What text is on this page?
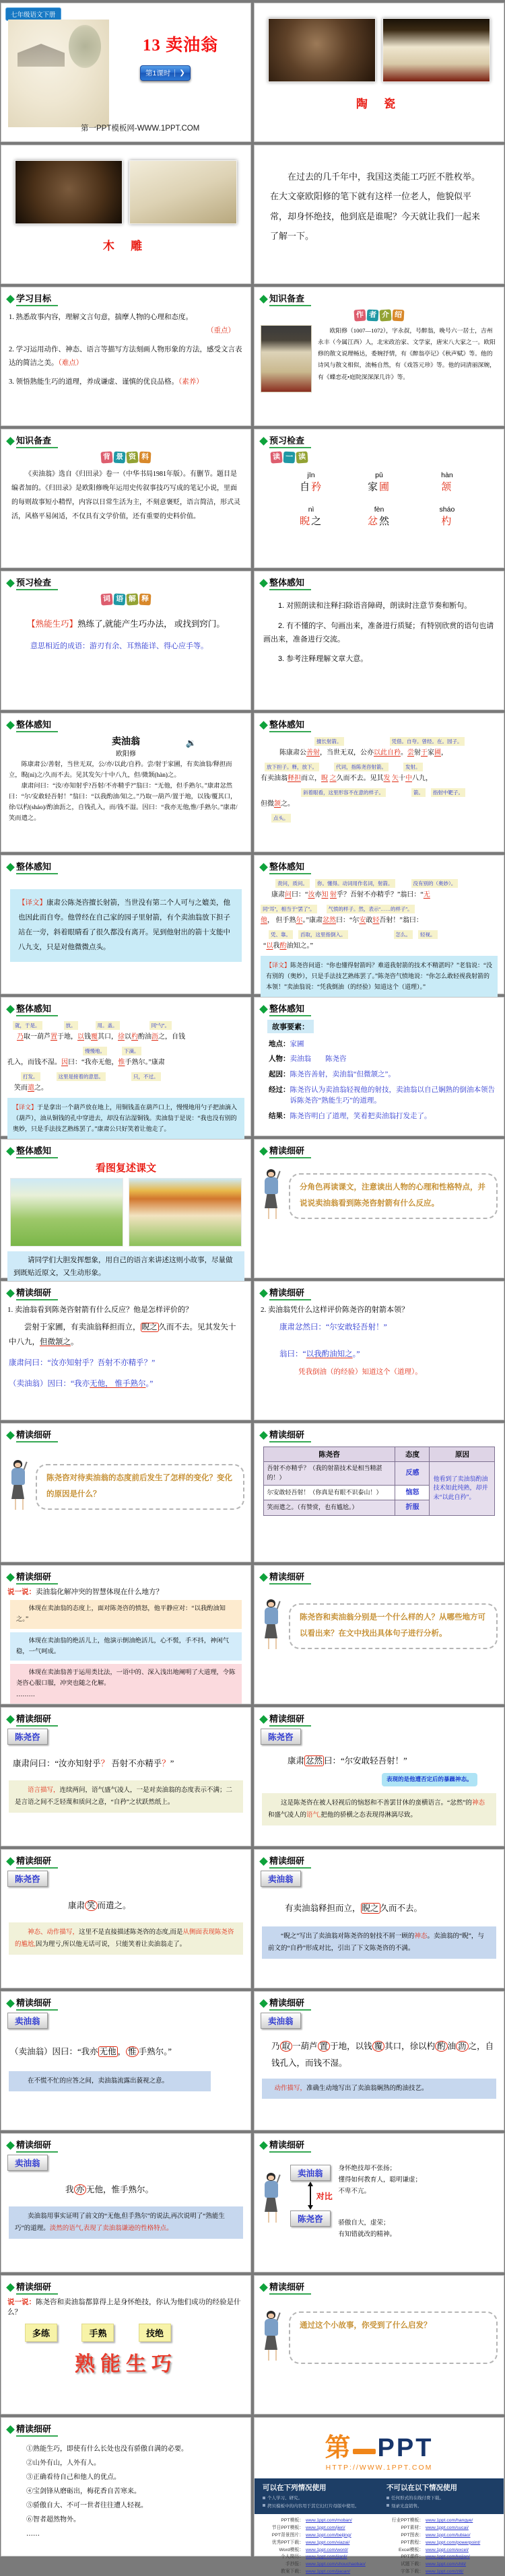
七年级语文下册
13 卖油翁
第1课时	❯
第一PPT模板网-WWW.1PPT.COM
陶 瓷
木 雕

在过去的几千年中，我国这类能工巧匠不胜枚举。在大文豪欧阳修的笔下就有这样一位老人，他貌似平常，却身怀绝技，他到底是谁呢？今天就让我们一起来了解一下。

学习目标
1. 熟悉故事内容，理解文言句意，揣摩人物的心理和态度。
（重点）
2. 学习运用动作、神态、语言等描写方法刻画人物形象的方法，感受文言表达的简洁之美。（难点）
3. 领悟熟能生巧的道理，养成谦虚、谨慎的优良品格。（素养）
知识备查
作 者 介 绍
欧阳修（1007—1072），字永叔，号醉翁，晚号六一居士，吉州永丰（今属江西）人，北宋政治家、文学家，唐宋八大家之一。欧阳修的散文说理畅达，委婉抒情，有《醉翁亭记》《秋声赋》等。他的诗风与散文相似，流畅自然，有《戏答元珍》等。他的词清丽深婉，有《蝶恋花•庭院深深深几许》等。
知识备查
背 景 资 料
《卖油翁》选自《归田录》卷一（中华书局1981年版）。有删节。题目是编者加的。《归田录》是欧阳修晚年运用史传叙事技巧写成的笔记小说，里面的每则故事短小精悍，内容以日常生活为主，不刻意褒贬，语言简洁，形式灵活，风格平易闲适，不仅具有文学价值，还有重要的史料价值。
预习检查
读 一 读
jīn
自矜
pǔ
家圃
hàn
颔
nì
睨之
fèn
忿然
sháo
杓
预习检查
词 语 解 释
【熟能生巧】熟练了,就能产生巧办法， 或找到窍门。
意思相近的成语：游刃有余、耳熟能详、得心应手等。
整体感知
1. 对照朗读和注释扫除语音障碍，朗读时注意节奏和断句。
2. 有不懂的字、句画出来，准备进行质疑；有特别欣赏的语句也请画出来，准备进行交流。
3. 参考注释理解文章大意。
整体感知
卖油翁
欧阳修
🔉

陈康肃公/善射，当世无双，公/亦/以此/自矜。尝/射于家圃，有卖油翁/释担而立，睨(nì)之/久而不去。见其发矢/十中八九，但/微颔(hàn)之。

康肃问曰：“汝/亦知射乎?吾射/不亦精乎?”翁曰：“无他，但手熟尔。”康肃忿然曰：“尔/安敢轻吾射！”翁曰：“以我酌油/知之。”乃取一葫芦/置于地，以钱/覆其口，徐/以杓(sháo)/酌油沥之，自钱孔入，而/钱不湿。因曰：“我亦无他,惟/手熟尔。”康肃/笑而遣之。

整体感知
擅长射箭。	凭借。自夸。曾经。在。园子。
陈康肃公善射，当世无双，公亦以此自矜。尝射于家圃，
放下担子。释，放下。	代词，指陈尧咨射箭。	发射。
有卖油翁释担而立，睨 之久而不去。见其发 矢十中八九，
斜着眼看，这里形容不在意的样子。	箭。 指射中靶子。
但微颔之。
点头。
整体感知
【译文】康肃公陈尧咨擅长射箭，当世没有第二个人可与之媲美，他也因此而自夸。他曾经在自己家的园子里射箭，有个卖油翁放下担子站在一旁，斜着眼睛看了很久都没有离开。见到他射出的箭十支能中八九支，只是对他微微点头。
整体感知
责问，质问。 你。懂得。动词用作名词，射箭。	没有别的（奥妙）。
康肃问曰：“汝亦知 射乎？吾射不亦精乎？”翁曰：“无
同“耳”，相当于“罢了”。	气愤的样子。然，表示“……的样子”。
他， 但手熟尔。”康肃忿然曰：“尔安敢轻吾射！”翁曰：
凭、靠。 舀取，这里指倒入。	怎么。 轻视。
“以我酌油知之。”
【译文】陈尧咨问道：“你也懂得射箭吗？难道我射箭的技术不精湛吗？”老翁说：“没有别的（奥妙），只是手法技艺熟练罢了。”陈尧咨气愤地说：“你怎么敢轻视我射箭的本领！”卖油翁说：“凭我倒油（的经验）知道这个（道理）。”
整体感知
就，于是。	放。	用。盖。	同“勺”。
乃取一葫芦置于地，以钱覆其口，徐以杓酌油沥之，自钱
慢慢地。	下滴。
孔入，而钱不湿。因曰：“我亦无他，惟手熟尔。”康肃
打发。	这里是接着的意思。	只，不过。
笑而遣之。
【译文】于是拿出一个葫芦放在地上，用铜钱盖在葫芦口上，慢慢地用勺子把油滴入（葫芦），油从铜钱的孔中穿进去，却没有沾湿铜钱。卖油翁于是说：“我也没有别的奥妙，只是手法技艺熟练罢了。”康肃公只好笑着让他走了。
整体感知
故事要素：
地点： 家圃
人物： 卖油翁　　陈尧咨
起因： 陈尧咨善射，卖油翁“但微颔之”。
经过： 陈尧咨认为卖油翁轻视他的射技，卖油翁以自己娴熟的倒油本领告诉陈尧咨“熟能生巧”的道理。
结果： 陈尧咨明白了道理，笑着把卖油翁打发走了。
整体感知
看图复述课文
请同学们大胆发挥想象，用自己的语言来讲述这则小故事，尽量做到既贴近原文，又生动形象。
精读细研
分角色再读课文，注意读出人物的心理和性格特点，并说说卖油翁看到陈尧咨射箭有什么反应。
精读细研
1. 卖油翁看到陈尧咨射箭有什么反应？他是怎样评价的？
尝射于家圃，有卖油翁释担而立， 睨之 久而不去。见其发矢十中八九，但微颔之。
康肃问曰：“汝亦知射乎？吾射不亦精乎？”
（卖油翁）因曰：“我亦无他， 惟手熟尔。”
精读细研
2. 卖油翁凭什么这样评价陈尧咨的射箭本领？
康肃忿然曰：“尔安敢轻吾射！”
翁曰：“以我酌油知之。”
凭我倒油（的经验）知道这个（道理）。
精读细研
陈尧咨对待卖油翁的态度前后发生了怎样的变化？变化的原因是什么？
精读细研
陈尧咨	态度	原因
吾射不亦精乎？（我的射箭技术是相当精湛的！）	反感	他看到了卖油翁酌油技术如此纯熟，却并未“以此自矜”。
尔安敢轻吾射！（你真是有眼不识泰山！）	恼怒	
笑而遣之。（有赞赏，也有尴尬。）	折服	
精读细研
说一说：卖油翁化解冲突的智慧体现在什么地方？
体现在卖油翁的态度上，面对陈尧咨的愤怒，他平静应对：“以我酌油知之。”
体现在卖油翁的绝活儿上，他演示倒油绝活儿，心不慌，手不抖，神闲气稳，一气呵成。
体现在卖油翁善于运用类比法，一语中的、深入浅出地阐明了大道理，令陈尧咨心服口服，冲突也随之化解。
………
精读细研
陈尧咨和卖油翁分别是一个什么样的人？从哪些地方可以看出来？在文中找出具体句子进行分析。
精读细研
陈尧咨
康肃问曰：“汝亦知射乎？ 吾射不亦精乎？”
语言描写，连续两问，语气盛气凌人，一是对卖油翁的态度表示不满；二是言语之间不乏轻蔑和质问之意，“自矜”之状跃然纸上。
精读细研
陈尧咨
康肃 忿然 曰：“尔安敢轻吾射！”
表现的是他遭否定后的暴躁神态。
这是陈尧咨在被人轻视后的恼怒和不善罢甘休的蛮横语言。“忿然”的神态和盛气凌人的语气,把他的骄横之态表现得淋漓尽致。
精读细研
陈尧咨
康肃 笑 而遣之。
神态、动作描写，这里不是直接描述陈尧咨的态度,而是从侧面表现陈尧咨的尴尬,因为理亏,所以他无话可说， 只能笑着让卖油翁走了。
精读细研
卖油翁
有卖油翁释担而立， 睨之 久而不去。
“睨之”写出了卖油翁对陈尧咨的射技不屑一顾的神态。卖油翁的“睨”，与前文的“自矜”形成对比，引出了下文陈尧咨的不满。
精读细研
卖油翁
（卖油翁）因曰：“我亦 无他 ， 惟 手熟尔。”
在不慌不忙的应答之间，卖油翁流露出藐视之意。
精读细研
卖油翁
乃 取 一葫芦 置 于地，以钱 覆 其口，徐以杓 酌 油 沥 之，自钱孔入，而钱不湿。
动作描写，准确生动地写出了卖油翁娴熟的酌油技艺。
精读细研
卖油翁
我 亦 无他，惟手熟尔。
卖油翁用事实证明了前文的“无他,但手熟尔”的说法,再次说明了“熟能生巧”的道理。淡然的语气,表现了卖油翁谦逊的性格特点。
精读细研
卖油翁
对比
陈尧咨
身怀绝技却不张扬；
懂得如何教育人，聪明谦虚；
不卑不亢。
骄傲自大，虚荣；
有知错就改的精神。
精读细研
说一说：陈尧咨和卖油翁都算得上是身怀绝技，你认为他们成功的经验是什么？
多练	手熟	技绝
熟能生巧
精读细研
通过这个小故事，你受到了什么启发？
精读细研
①熟能生巧，即使有什么长处也没有骄傲自满的必要。
②山外有山，人外有人。
③正确看待自己和他人的优点。
④宝剑锋从磨砺出，梅花香自苦寒来。
⑤骄傲自大、不可一世者往往遭人轻视。
⑥智者超然物外。
……
第 PPT
HTTP://WWW.1PPT.COM
可以在下列情况使用
个人学习、研究。
拷贝模板中的内容用于其它幻灯片母版中使用。
不可以在以下情况使用
任何形式的在线付费下载。
刻录光盘销售。
PPT模板： www.1ppt.com/moban/
节日PPT模板： www.1ppt.com/jieri/
PPT背景图片： www.1ppt.com/beijing/
优秀PPT下载： www.1ppt.com/xiazai/
Word模板： www.1ppt.com/word/
个人简历： www.1ppt.com/jianli/
手抄报： www.1ppt.com/shouchaobao/
教案下载： www.1ppt.com/jiaoan/
行业PPT模板： www.1ppt.com/hangye/
PPT素材： www.1ppt.com/sucai/
PPT图表： www.1ppt.com/tubiao/
PPT教程： www.1ppt.com/powerpoint/
Excel模板： www.1ppt.com/excel/
PPT课件： www.1ppt.com/kejian/
试题下载： www.1ppt.com/shiti/
字体下载： www.1ppt.com/ziti/
